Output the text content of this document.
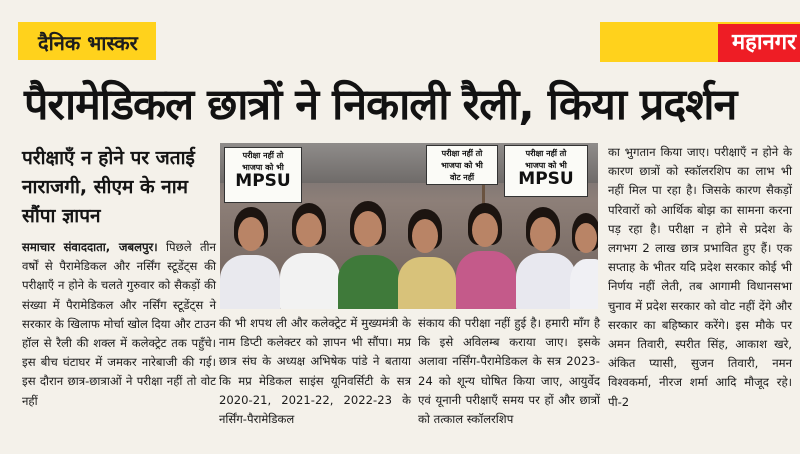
दैनिक भास्कर	महानगर
पैरामेडिकल छात्रों ने निकाली रैली, किया प्रदर्शन
परीक्षाएँ न होने पर जताई नाराजगी, सीएम के नाम सौंपा ज्ञापन
समाचार संवाददाता, जबलपुर। पिछले तीन वर्षों से पैरामेडिकल और नर्सिंग स्टूडेंट्स की परीक्षाएँ न होने के चलते गुरुवार को सैकड़ों की संख्या में पैरामेडिकल और नर्सिंग स्टूडेंट्स ने सरकार के खिलाफ मोर्चा खोल दिया और टाउन हॉल से रैली की शक्ल में कलेक्ट्रेट तक पहुँचे। इस बीच घंटाघर में जमकर नारेबाजी की गई। इस दौरान छात्र-छात्राओं ने परीक्षा नहीं तो वोट नहीं
परीक्षा नहीं तो
भाजपा को भी
MPSU
परीक्षा नहीं तो
भाजपा को भी
वोट नहीं
परीक्षा नहीं तो
भाजपा को भी
MPSU
की भी शपथ ली और कलेक्ट्रेट में मुख्यमंत्री के नाम डिप्टी कलेक्टर को ज्ञापन भी सौंपा। मप्र छात्र संघ के अध्यक्ष अभिषेक पांडे ने बताया कि मप्र मेडिकल साइंस यूनिवर्सिटी के सत्र 2020-21, 2021-22, 2022-23 के नर्सिंग-पैरामेडिकल
संकाय की परीक्षा नहीं हुई है। हमारी माँग है कि इसे अविलम्ब कराया जाए। इसके अलावा नर्सिंग-पैरामेडिकल के सत्र 2023-24 को शून्य घोषित किया जाए, आयुर्वेद एवं यूनानी परीक्षाएँ समय पर हों और छात्रों को तत्काल स्कॉलरशिप
का भुगतान किया जाए। परीक्षाएँ न होने के कारण छात्रों को स्कॉलरशिप का लाभ भी नहीं मिल पा रहा है। जिसके कारण सैकड़ों परिवारों को आर्थिक बोझ का सामना करना पड़ रहा है। परीक्षा न होने से प्रदेश के लगभग 2 लाख छात्र प्रभावित हुए हैं। एक सप्ताह के भीतर यदि प्रदेश सरकार कोई भी निर्णय नहीं लेती, तब आगामी विधानसभा चुनाव में प्रदेश सरकार को वोट नहीं देंगे और सरकार का बहिष्कार करेंगे। इस मौके पर अमन तिवारी, स्परीत सिंह, आकाश खरे, अंकित प्यासी, सुजन तिवारी, नमन विश्वकर्मा, नीरज शर्मा आदि मौजूद रहे।पी-2
